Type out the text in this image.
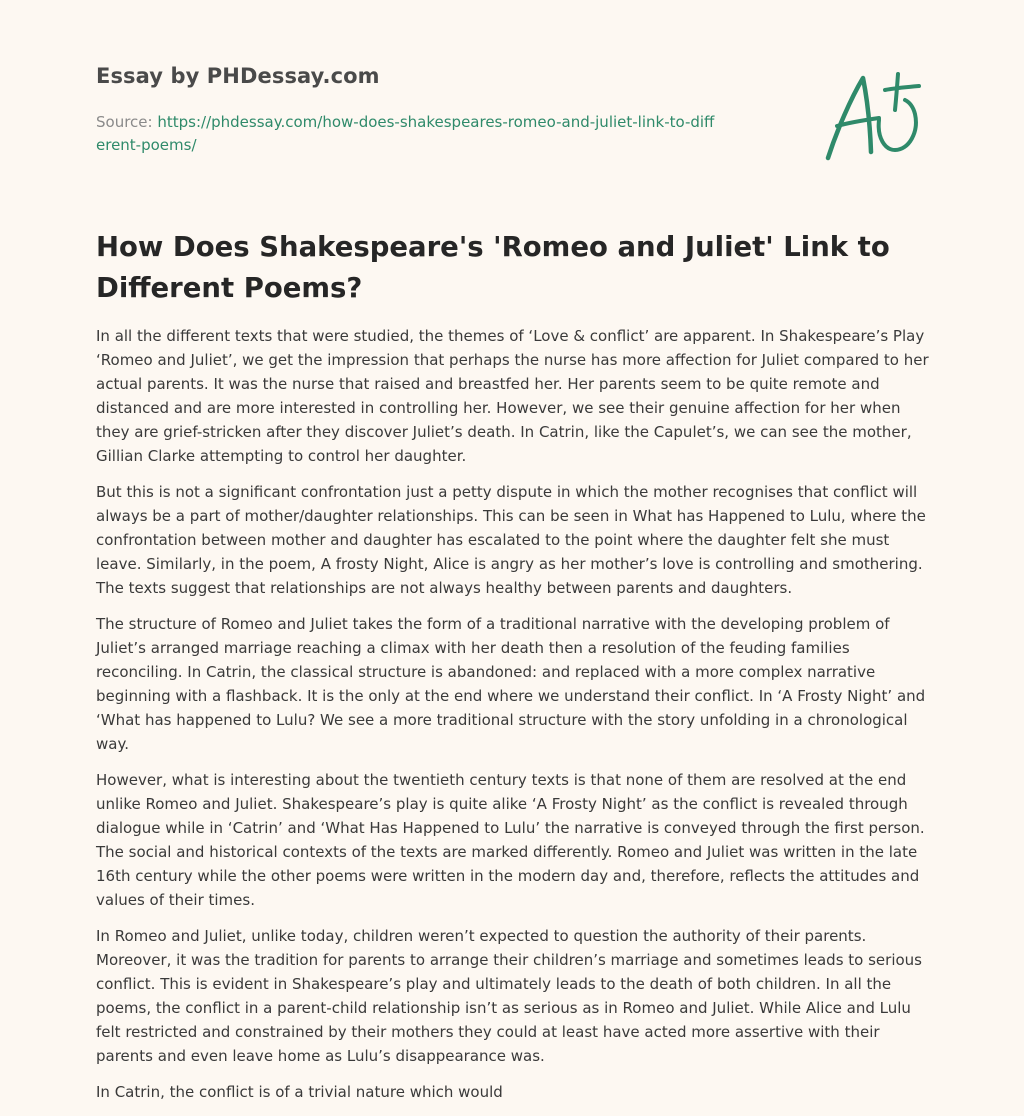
Essay by PHDessay.com
Source: https://phdessay.com/how-does-shakespeares-romeo-and-juliet-link-to-different-poems/
How Does Shakespeare's 'Romeo and Juliet' Link to Different Poems?

In all the different texts that were studied, the themes of ‘Love & conflict’ are apparent. In Shakespeare’s Play ‘Romeo and Juliet’, we get the impression that perhaps the nurse has more affection for Juliet compared to her actual parents. It was the nurse that raised and breastfed her. Her parents seem to be quite remote and distanced and are more interested in controlling her. However, we see their genuine affection for her when they are grief-stricken after they discover Juliet’s death. In Catrin, like the Capulet’s, we can see the mother, Gillian Clarke attempting to control her daughter.

But this is not a significant confrontation just a petty dispute in which the mother recognises that conflict will always be a part of mother/daughter relationships. This can be seen in What has Happened to Lulu, where the confrontation between mother and daughter has escalated to the point where the daughter felt she must leave. Similarly, in the poem, A frosty Night, Alice is angry as her mother’s love is controlling and smothering. The texts suggest that relationships are not always healthy between parents and daughters.

The structure of Romeo and Juliet takes the form of a traditional narrative with the developing problem of Juliet’s arranged marriage reaching a climax with her death then a resolution of the feuding families reconciling. In Catrin, the classical structure is abandoned: and replaced with a more complex narrative beginning with a flashback. It is the only at the end where we understand their conflict. In ‘A Frosty Night’ and ‘What has happened to Lulu? We see a more traditional structure with the story unfolding in a chronological way.

However, what is interesting about the twentieth century texts is that none of them are resolved at the end unlike Romeo and Juliet. Shakespeare’s play is quite alike ‘A Frosty Night’ as the conflict is revealed through dialogue while in ‘Catrin’ and ‘What Has Happened to Lulu’ the narrative is conveyed through the first person. The social and historical contexts of the texts are marked differently. Romeo and Juliet was written in the late 16th century while the other poems were written in the modern day and, therefore, reflects the attitudes and values of their times.

In Romeo and Juliet, unlike today, children weren’t expected to question the authority of their parents. Moreover, it was the tradition for parents to arrange their children’s marriage and sometimes leads to serious conflict. This is evident in Shakespeare’s play and ultimately leads to the death of both children. In all the poems, the conflict in a parent-child relationship isn’t as serious as in Romeo and Juliet. While Alice and Lulu felt restricted and constrained by their mothers they could at least have acted more assertive with their parents and even leave home as Lulu’s disappearance was.

In Catrin, the conflict is of a trivial nature which would
